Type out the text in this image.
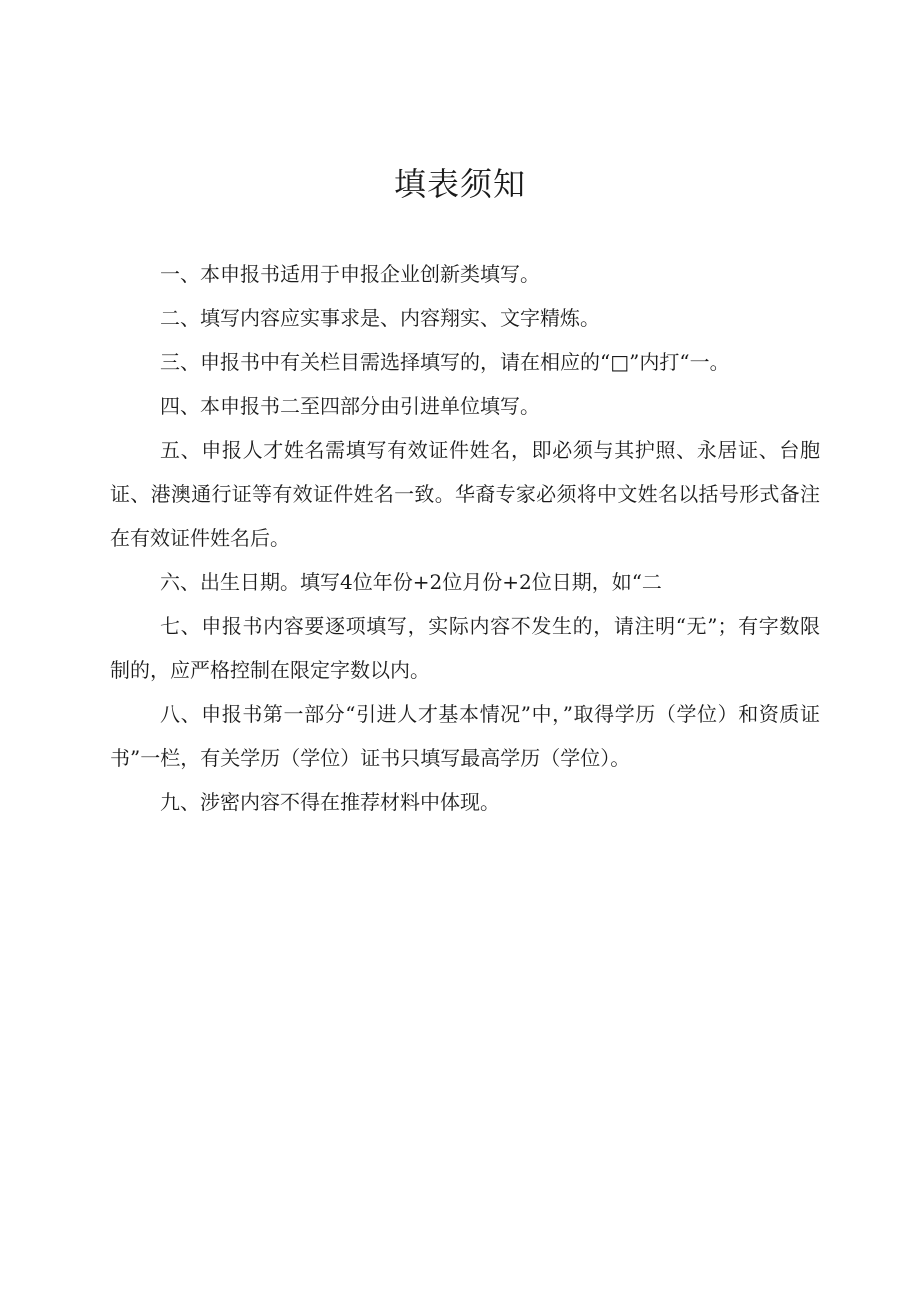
填表须知
一、本申报书适用于申报企业创新类填写。
二、填写内容应实事求是、内容翔实、文字精炼。
三、申报书中有关栏目需选择填写的，请在相应的“□”内打“一。
四、本申报书二至四部分由引进单位填写。
五、申报人才姓名需填写有效证件姓名，即必须与其护照、永居证、台胞证、港澳通行证等有效证件姓名一致。华裔专家必须将中文姓名以括号形式备注在有效证件姓名后。
六、出生日期。填写4位年份+2位月份+2位日期，如“二
七、申报书内容要逐项填写，实际内容不发生的，请注明“无”；有字数限制的，应严格控制在限定字数以内。
八、申报书第一部分“引进人才基本情况”中，”取得学历（学位）和资质证书”一栏，有关学历（学位）证书只填写最高学历（学位）。
九、涉密内容不得在推荐材料中体现。
